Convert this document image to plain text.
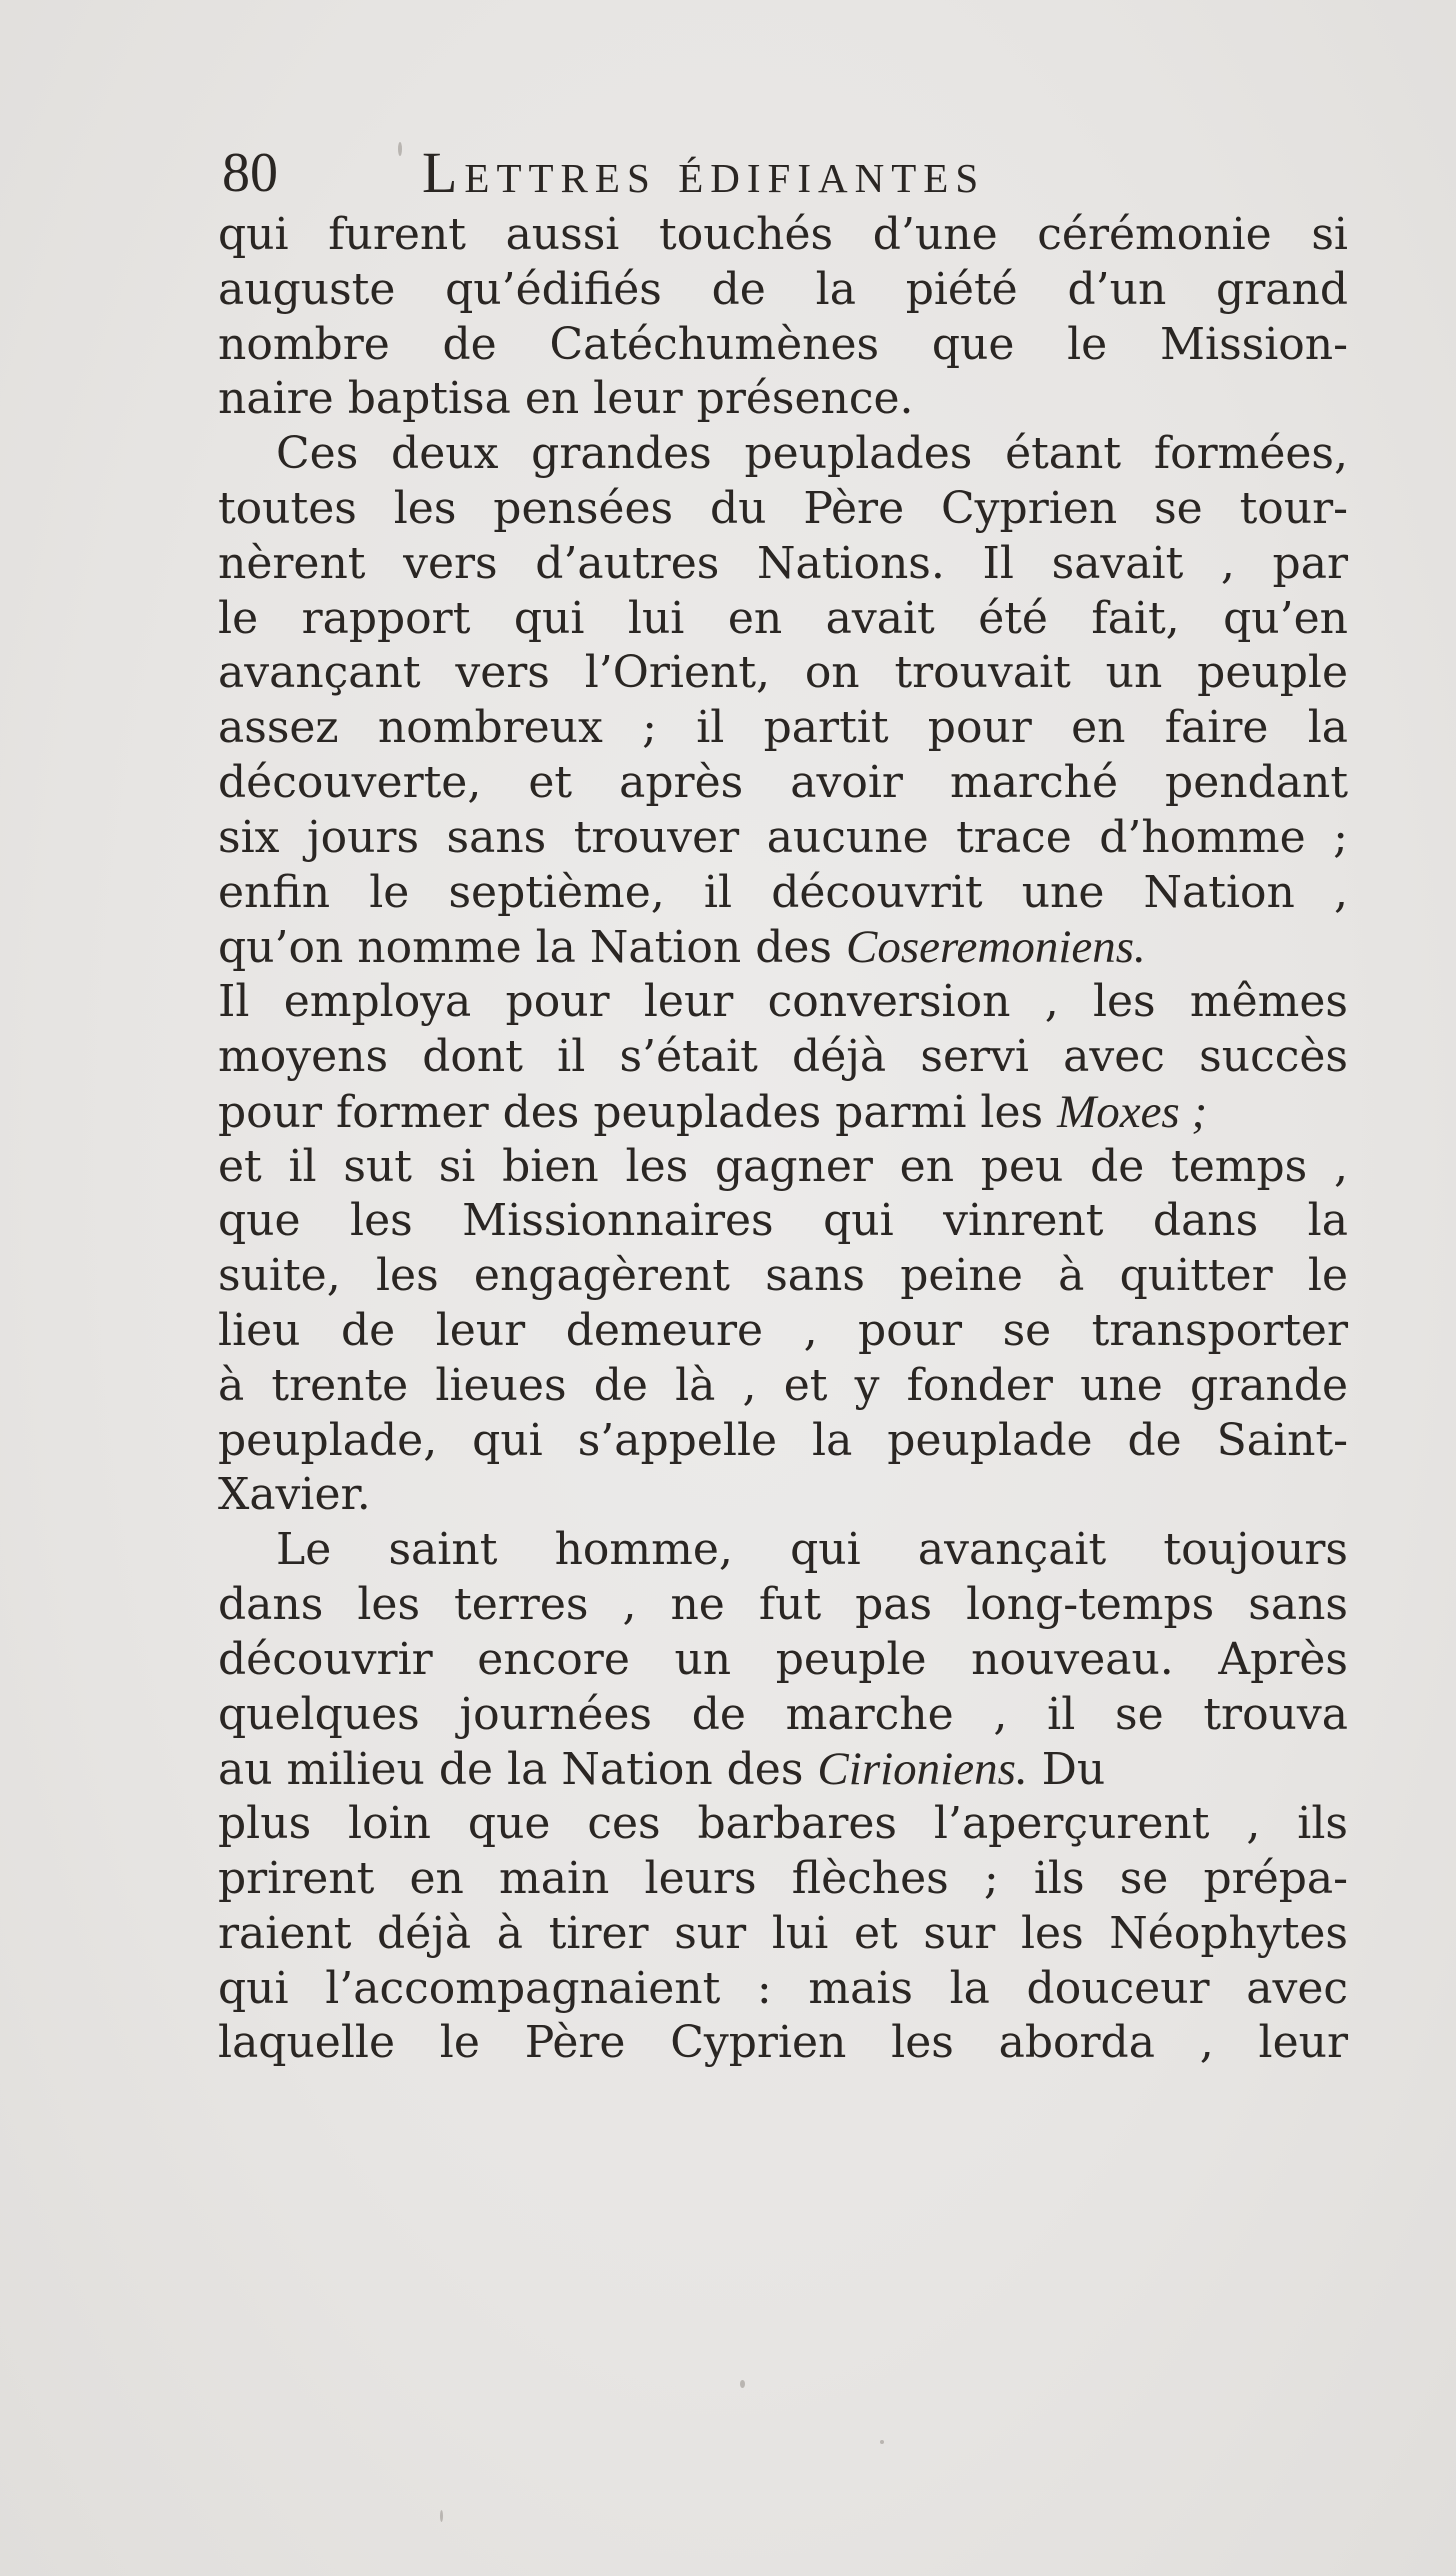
80 Lettres édifiantes
qui furent aussi touchés d’une cérémonie si
auguste qu’édifiés de la piété d’un grand
nombre de Catéchumènes que le Mission-
naire baptisa en leur présence.
Ces deux grandes peuplades étant formées,
toutes les pensées du Père Cyprien se tour-
nèrent vers d’autres Nations. Il savait , par
le rapport qui lui en avait été fait, qu’en
avançant vers l’Orient, on trouvait un peuple
assez nombreux ; il partit pour en faire la
découverte, et après avoir marché pendant
six jours sans trouver aucune trace d’homme ;
enfin le septième, il découvrit une Nation ,
qu’on nomme la Nation des Coseremoniens.
Il employa pour leur conversion , les mêmes
moyens dont il s’était déjà servi avec succès
pour former des peuplades parmi les Moxes ;
et il sut si bien les gagner en peu de temps ,
que les Missionnaires qui vinrent dans la
suite, les engagèrent sans peine à quitter le
lieu de leur demeure , pour se transporter
à trente lieues de là , et y fonder une grande
peuplade, qui s’appelle la peuplade de Saint-
Xavier.
Le saint homme, qui avançait toujours
dans les terres , ne fut pas long-temps sans
découvrir encore un peuple nouveau. Après
quelques journées de marche , il se trouva
au milieu de la Nation des Cirioniens. Du
plus loin que ces barbares l’aperçurent , ils
prirent en main leurs flèches ; ils se prépa-
raient déjà à tirer sur lui et sur les Néophytes
qui l’accompagnaient : mais la douceur avec
laquelle le Père Cyprien les aborda , leur
